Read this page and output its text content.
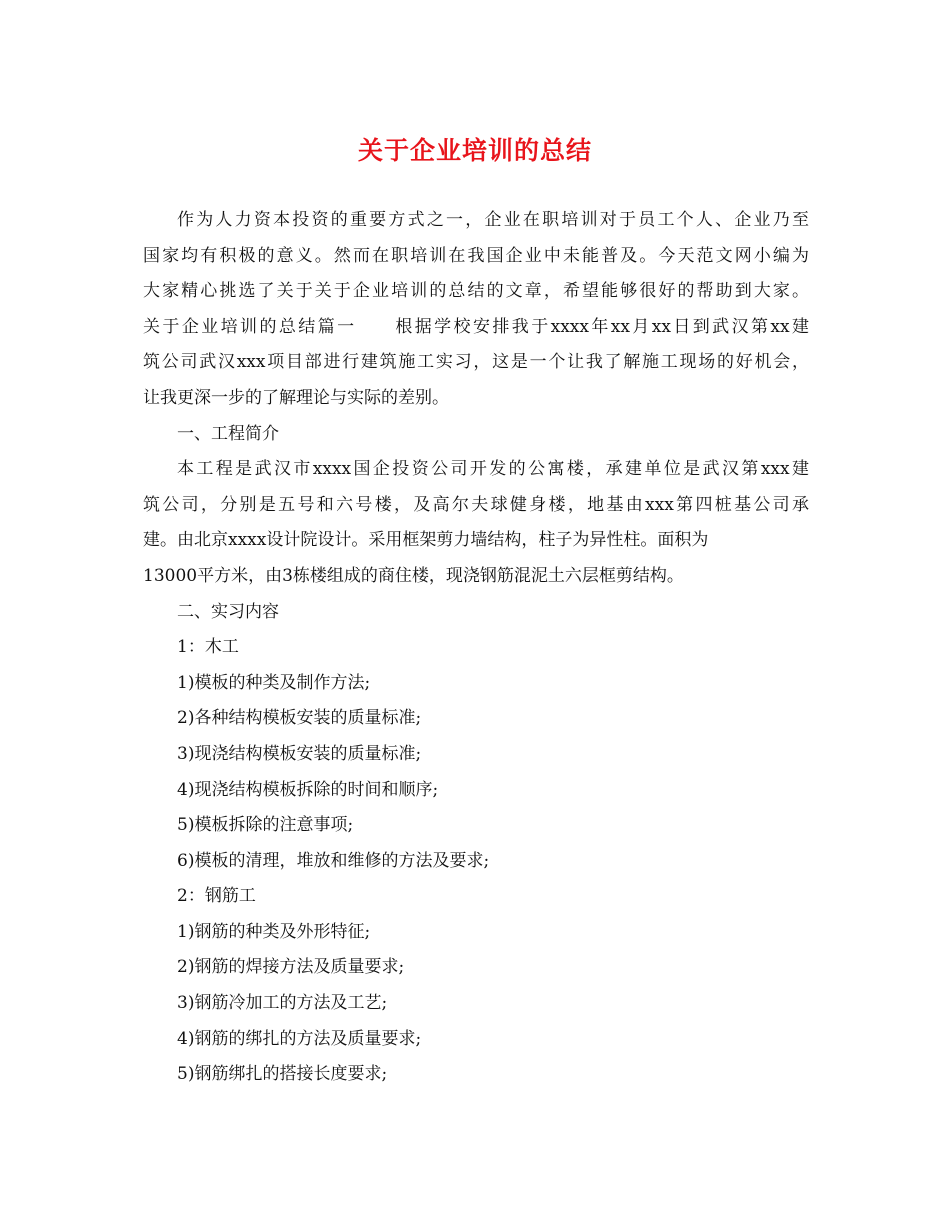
关于企业培训的总结
作为人力资本投资的重要方式之一，企业在职培训对于员工个人、企业乃至
国家均有积极的意义。然而在职培训在我国企业中未能普及。今天范文网小编为
大家精心挑选了关于关于企业培训的总结的文章，希望能够很好的帮助到大家。
关于企业培训的总结篇一　　根据学校安排我于xxxx年xx月xx日到武汉第xx建
筑公司武汉xxx项目部进行建筑施工实习，这是一个让我了解施工现场的好机会，
让我更深一步的了解理论与实际的差别。
一、工程简介
本工程是武汉市xxxx国企投资公司开发的公寓楼，承建单位是武汉第xxx建
筑公司，分别是五号和六号楼，及高尔夫球健身楼，地基由xxx第四桩基公司承
建。由北京xxxx设计院设计。采用框架剪力墙结构，柱子为异性柱。面积为
13000平方米，由3栋楼组成的商住楼，现浇钢筋混泥土六层框剪结构。
二、实习内容
1：木工
1)模板的种类及制作方法;
2)各种结构模板安装的质量标准;
3)现浇结构模板安装的质量标准;
4)现浇结构模板拆除的时间和顺序;
5)模板拆除的注意事项;
6)模板的清理，堆放和维修的方法及要求;
2：钢筋工
1)钢筋的种类及外形特征;
2)钢筋的焊接方法及质量要求;
3)钢筋冷加工的方法及工艺;
4)钢筋的绑扎的方法及质量要求;
5)钢筋绑扎的搭接长度要求;
